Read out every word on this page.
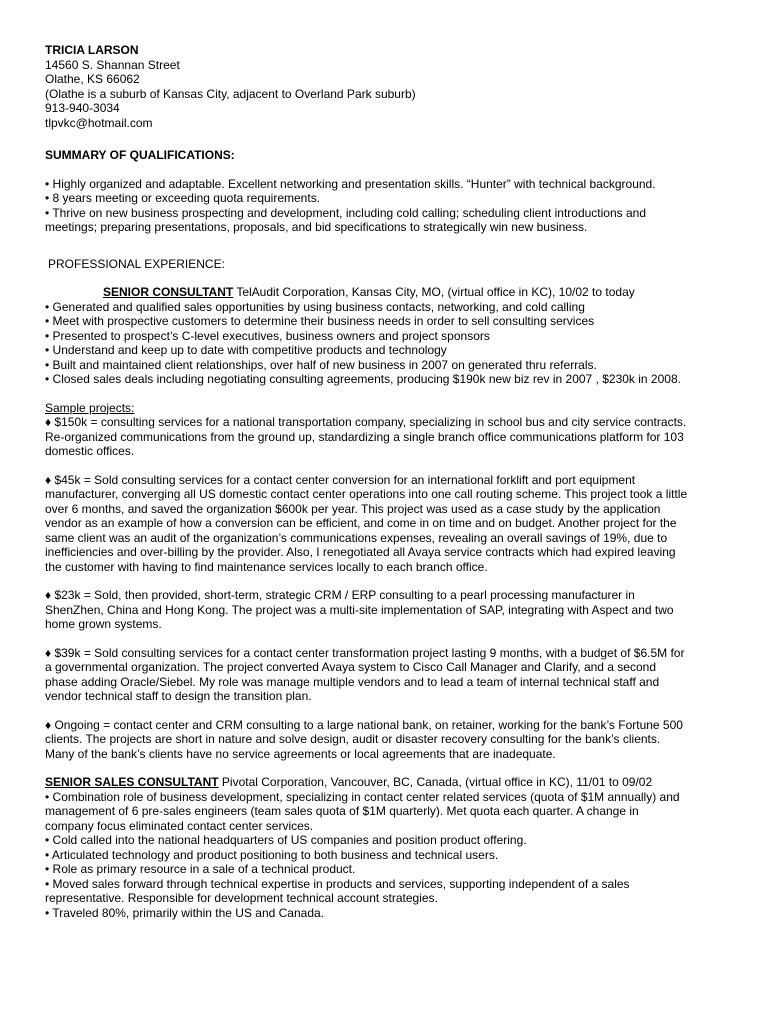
TRICIA LARSON
14560 S. Shannan Street
Olathe, KS 66062
(Olathe is a suburb of Kansas City, adjacent to Overland Park suburb)
913-940-3034
tlpvkc@hotmail.com
SUMMARY OF QUALIFICATIONS:
• Highly organized and adaptable. Excellent networking and presentation skills. “Hunter” with technical background.
• 8 years meeting or exceeding quota requirements.
• Thrive on new business prospecting and development, including cold calling; scheduling client introductions and
meetings; preparing presentations, proposals, and bid specifications to strategically win new business.
PROFESSIONAL EXPERIENCE:
SENIOR CONSULTANT TelAudit Corporation, Kansas City, MO, (virtual office in KC), 10/02 to today
• Generated and qualified sales opportunities by using business contacts, networking, and cold calling
• Meet with prospective customers to determine their business needs in order to sell consulting services
• Presented to prospect’s C-level executives, business owners and project sponsors
• Understand and keep up to date with competitive products and technology
• Built and maintained client relationships, over half of new business in 2007 on generated thru referrals.
• Closed sales deals including negotiating consulting agreements, producing $190k new biz rev in 2007 , $230k in 2008.
Sample projects:
♦ $150k = consulting services for a national transportation company, specializing in school bus and city service contracts.
Re-organized communications from the ground up, standardizing a single branch office communications platform for 103
domestic offices.
♦ $45k = Sold consulting services for a contact center conversion for an international forklift and port equipment
manufacturer, converging all US domestic contact center operations into one call routing scheme. This project took a little
over 6 months, and saved the organization $600k per year. This project was used as a case study by the application
vendor as an example of how a conversion can be efficient, and come in on time and on budget. Another project for the
same client was an audit of the organization’s communications expenses, revealing an overall savings of 19%, due to
inefficiencies and over-billing by the provider. Also, I renegotiated all Avaya service contracts which had expired leaving
the customer with having to find maintenance services locally to each branch office.
♦ $23k = Sold, then provided, short-term, strategic CRM / ERP consulting to a pearl processing manufacturer in
ShenZhen, China and Hong Kong. The project was a multi-site implementation of SAP, integrating with Aspect and two
home grown systems.
♦ $39k = Sold consulting services for a contact center transformation project lasting 9 months, with a budget of $6.5M for
a governmental organization. The project converted Avaya system to Cisco Call Manager and Clarify, and a second
phase adding Oracle/Siebel. My role was manage multiple vendors and to lead a team of internal technical staff and
vendor technical staff to design the transition plan.
♦ Ongoing = contact center and CRM consulting to a large national bank, on retainer, working for the bank’s Fortune 500
clients. The projects are short in nature and solve design, audit or disaster recovery consulting for the bank’s clients.
Many of the bank’s clients have no service agreements or local agreements that are inadequate.
SENIOR SALES CONSULTANT Pivotal Corporation, Vancouver, BC, Canada, (virtual office in KC), 11/01 to 09/02
• Combination role of business development, specializing in contact center related services (quota of $1M annually) and
management of 6 pre-sales engineers (team sales quota of $1M quarterly). Met quota each quarter. A change in
company focus eliminated contact center services.
• Cold called into the national headquarters of US companies and position product offering.
• Articulated technology and product positioning to both business and technical users.
• Role as primary resource in a sale of a technical product.
• Moved sales forward through technical expertise in products and services, supporting independent of a sales
representative. Responsible for development technical account strategies.
• Traveled 80%, primarily within the US and Canada.
